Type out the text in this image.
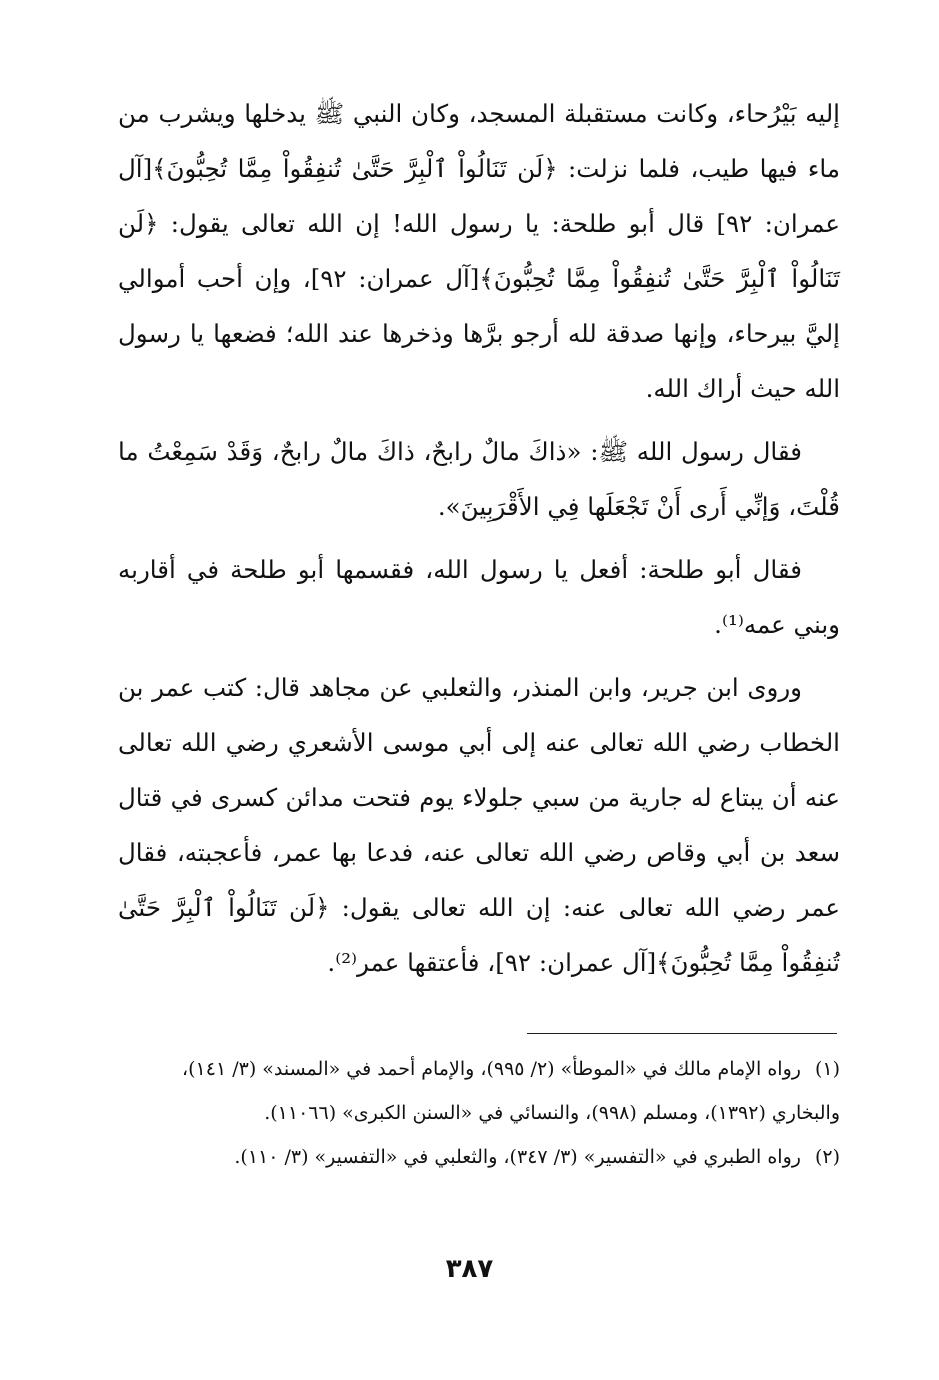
إليه بَيْرُحاء، وكانت مستقبلة المسجد، وكان النبي ﷺ يدخلها ويشرب من ماء فيها طيب، فلما نزلت: ﴿لَن تَنَالُواْ ٱلْبِرَّ حَتَّىٰ تُنفِقُواْ مِمَّا تُحِبُّونَ﴾[آل عمران: ٩٢] قال أبو طلحة: يا رسول الله! إن الله تعالى يقول: ﴿لَن تَنَالُواْ ٱلْبِرَّ حَتَّىٰ تُنفِقُواْ مِمَّا تُحِبُّونَ﴾[آل عمران: ٩٢]، وإن أحب أموالي إليَّ بيرحاء، وإنها صدقة لله أرجو برَّها وذخرها عند الله؛ فضعها يا رسول الله حيث أراك الله.

فقال رسول الله ﷺ: «ذاكَ مالٌ رابحٌ، ذاكَ مالٌ رابحٌ، وَقَدْ سَمِعْتُ ما قُلْتَ، وَإنِّي أَرى أَنْ تَجْعَلَها فِي الأَقْرَبِينَ».

فقال أبو طلحة: أفعل يا رسول الله، فقسمها أبو طلحة في أقاربه وبني عمه⁽¹⁾.

وروى ابن جرير، وابن المنذر، والثعلبي عن مجاهد قال: كتب عمر بن الخطاب رضي الله تعالى عنه إلى أبي موسى الأشعري رضي الله تعالى عنه أن يبتاع له جارية من سبي جلولاء يوم فتحت مدائن كسرى في قتال سعد بن أبي وقاص رضي الله تعالى عنه، فدعا بها عمر، فأعجبته، فقال عمر رضي الله تعالى عنه: إن الله تعالى يقول: ﴿لَن تَنَالُواْ ٱلْبِرَّ حَتَّىٰ تُنفِقُواْ مِمَّا تُحِبُّونَ﴾[آل عمران: ٩٢]، فأعتقها عمر⁽²⁾.

(١)رواه الإمام مالك في «الموطأ» (٢/ ٩٩٥)، والإمام أحمد في «المسند» (٣/ ١٤١)، والبخاري (١٣٩٢)، ومسلم (٩٩٨)، والنسائي في «السنن الكبرى» (١١٠٦٦).

(٢)رواه الطبري في «التفسير» (٣/ ٣٤٧)، والثعلبي في «التفسير» (٣/ ١١٠).

٣٨٧
